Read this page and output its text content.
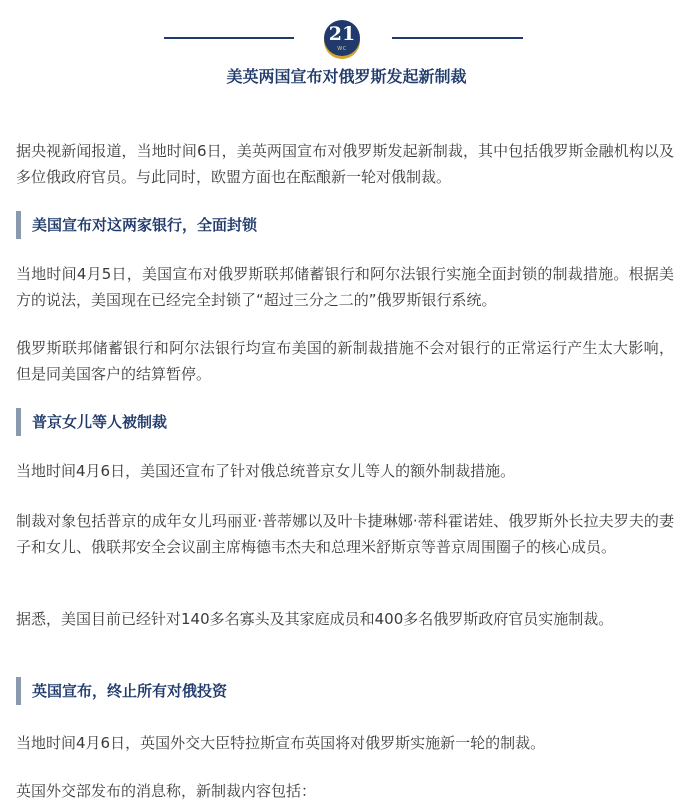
21
WC
美英两国宣布对俄罗斯发起新制裁

据央视新闻报道，当地时间6日，美英两国宣布对俄罗斯发起新制裁，其中包括俄罗斯金融机构以及多位俄政府官员。与此同时，欧盟方面也在酝酿新一轮对俄制裁。

美国宣布对这两家银行，全面封锁

当地时间4月5日，美国宣布对俄罗斯联邦储蓄银行和阿尔法银行实施全面封锁的制裁措施。根据美方的说法，美国现在已经完全封锁了“超过三分之二的”俄罗斯银行系统。

俄罗斯联邦储蓄银行和阿尔法银行均宣布美国的新制裁措施不会对银行的正常运行产生太大影响，但是同美国客户的结算暂停。

普京女儿等人被制裁

当地时间4月6日，美国还宣布了针对俄总统普京女儿等人的额外制裁措施。

制裁对象包括普京的成年女儿玛丽亚·普蒂娜以及叶卡捷琳娜·蒂科霍诺娃、俄罗斯外长拉夫罗夫的妻子和女儿、俄联邦安全会议副主席梅德韦杰夫和总理米舒斯京等普京周围圈子的核心成员。

据悉，美国目前已经针对140多名寡头及其家庭成员和400多名俄罗斯政府官员实施制裁。

英国宣布，终止所有对俄投资

当地时间4月6日，英国外交大臣特拉斯宣布英国将对俄罗斯实施新一轮的制裁。

英国外交部发布的消息称，新制裁内容包括：
